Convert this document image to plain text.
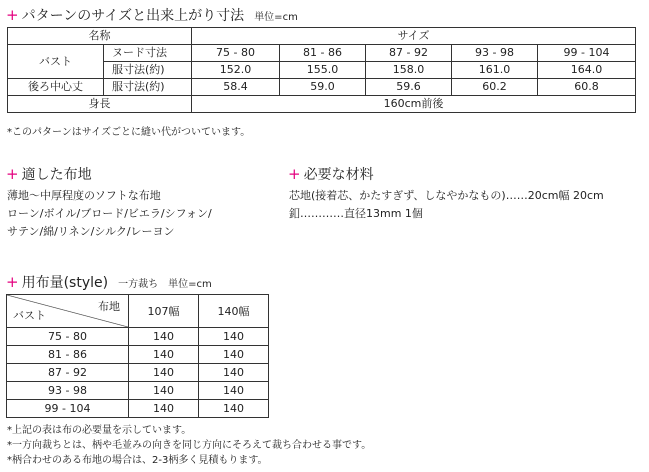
+ パターンのサイズと出来上がり寸法 単位=cm
名称		サイズ				
バスト	ヌード寸法	75 - 80	81 - 86	87 - 92	93 - 98	99 - 104
	服寸法(約)	152.0	155.0	158.0	161.0	164.0
後ろ中心丈	服寸法(約)	58.4	59.0	59.6	60.2	60.8
身長		160cm前後				
*このパターンはサイズごとに縫い代がついています。
+ 適した布地
薄地～中厚程度のソフトな布地
ローン/ボイル/ブロード/ビエラ/シフォン/
サテン/綿/リネン/シルク/レーヨン
+ 必要な材料
芯地(接着芯、かたすぎず、しなやかなもの)……20cm幅 20cm
釦…………直径13mm 1個
+ 用布量(style) 一方裁ち 単位=cm
布地
バスト	107幅	140幅
75 - 80	140	140
81 - 86	140	140
87 - 92	140	140
93 - 98	140	140
99 - 104	140	140
*上記の表は布の必要量を示しています。
*一方向裁ちとは、柄や毛並みの向きを同じ方向にそろえて裁ち合わせる事です。
*柄合わせのある布地の場合は、2-3柄多く見積もります。
